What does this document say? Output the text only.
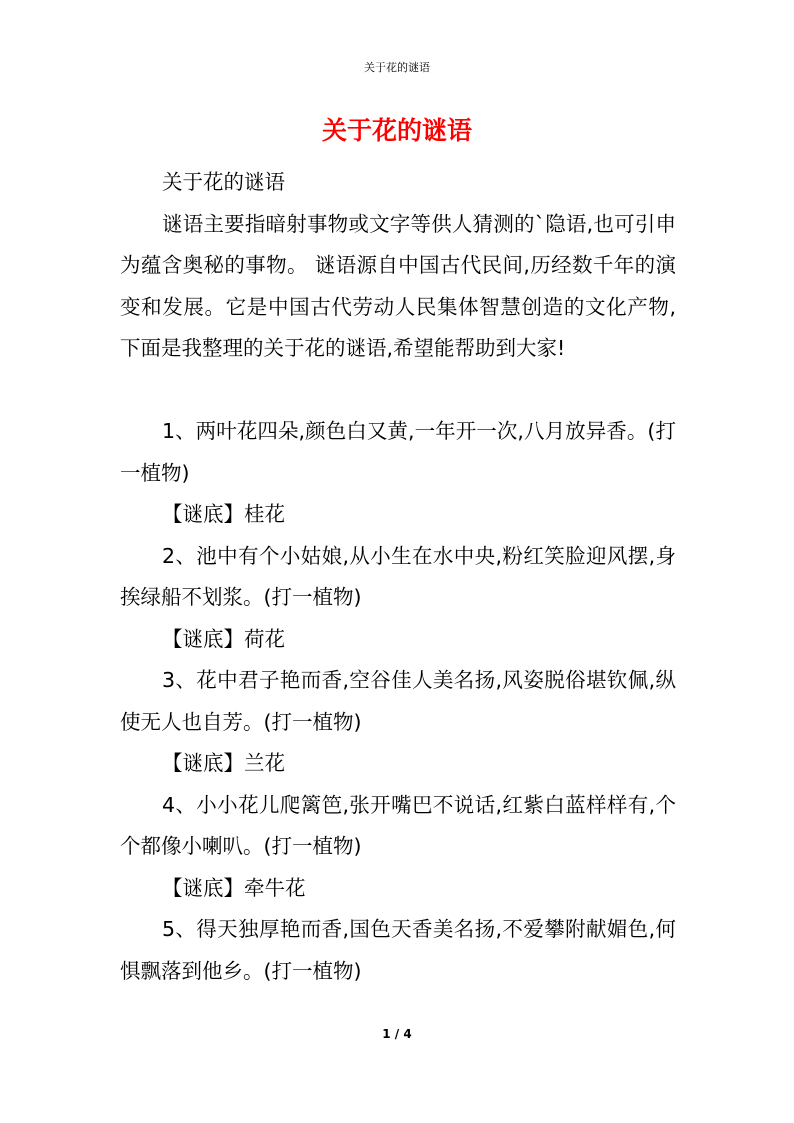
关于花的谜语
关于花的谜语

关于花的谜语

谜语主要指暗射事物或文字等供人猜测的`隐语,也可引申为蕴含奥秘的事物。 谜语源自中国古代民间,历经数千年的演变和发展。它是中国古代劳动人民集体智慧创造的文化产物,下面是我整理的关于花的谜语,希望能帮助到大家!

1、两叶花四朵,颜色白又黄,一年开一次,八月放异香。(打一植物)

【谜底】桂花

2、池中有个小姑娘,从小生在水中央,粉红笑脸迎风摆,身挨绿船不划浆。(打一植物)

【谜底】荷花

3、花中君子艳而香,空谷佳人美名扬,风姿脱俗堪钦佩,纵使无人也自芳。(打一植物)

【谜底】兰花

4、小小花儿爬篱笆,张开嘴巴不说话,红紫白蓝样样有,个个都像小喇叭。(打一植物)

【谜底】牵牛花

5、得天独厚艳而香,国色天香美名扬,不爱攀附献媚色,何惧飘落到他乡。(打一植物)

1 / 4
